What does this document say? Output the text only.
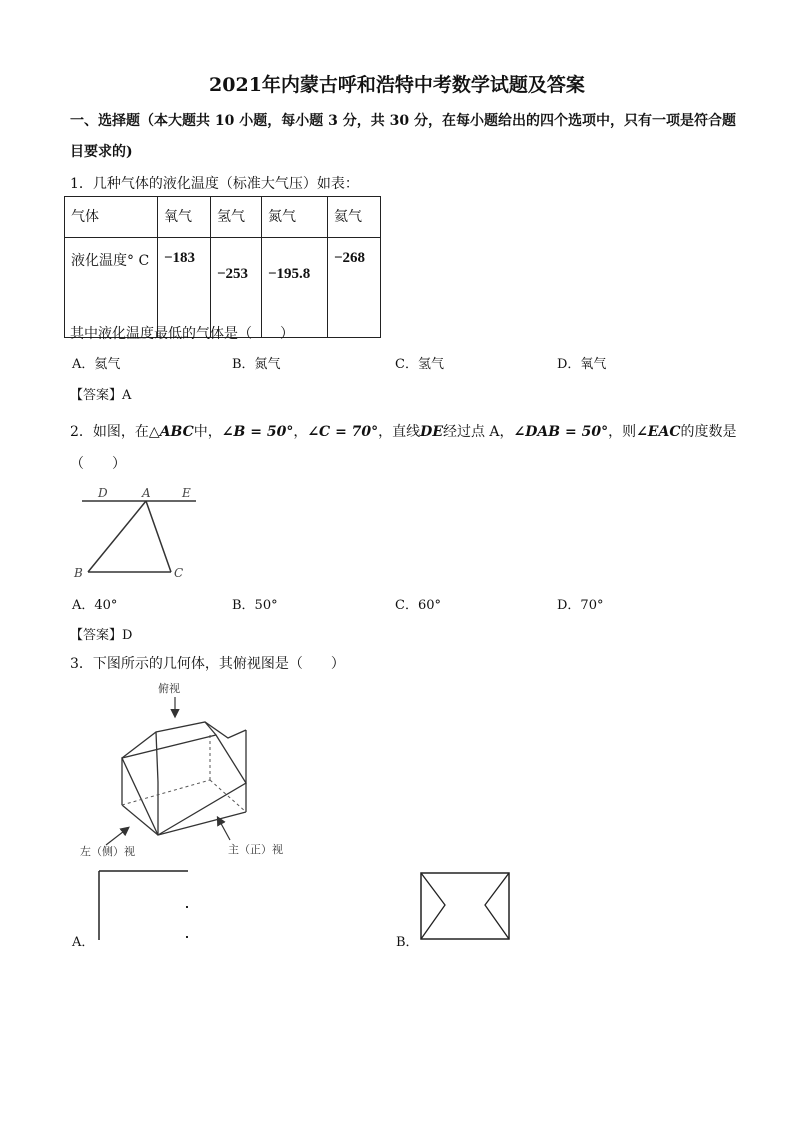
2021年内蒙古呼和浩特中考数学试题及答案
一、选择题（本大题共 10 小题，每小题 3 分，共 30 分，在每小题给出的四个选项中，只有一项是符合题
目要求的)
1．几种气体的液化温度（标准大气压）如表：
气体	氧气	氢气	氮气	氦气
液化温度° C	−183	−253	−195.8	−268
其中液化温度最低的气体是（　　）
A．氦气	B．氮气	C．氢气	D．氧气
【答案】A
2．如图，在△ABC中，∠B = 50°，∠C = 70°，直线DE经过点 A，∠DAB = 50°，则∠EAC的度数是
（　　）
D	A	E
B	C
A．40°	B．50°	C．60°	D．70°
【答案】D
3．下图所示的几何体，其俯视图是（　　）
俯视
左（侧）视	主（正）视
A．	B．
